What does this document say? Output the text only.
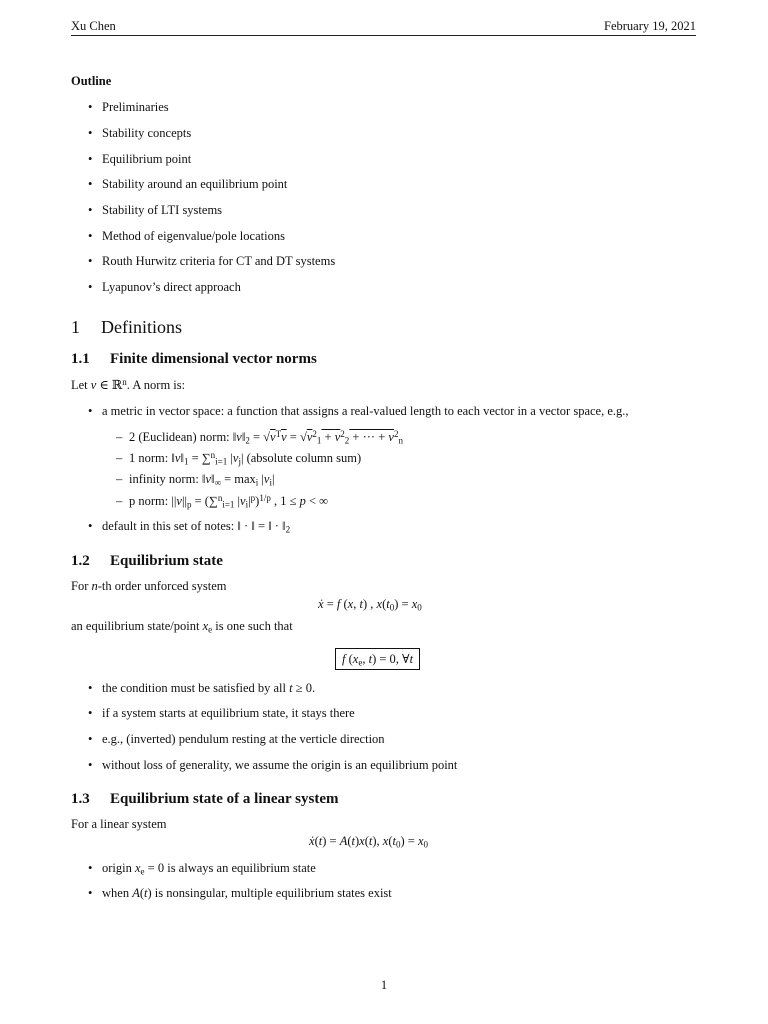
Xu Chen	February 19, 2021
Outline
• Preliminaries
• Stability concepts
• Equilibrium point
• Stability around an equilibrium point
• Stability of LTI systems
• Method of eigenvalue/pole locations
• Routh Hurwitz criteria for CT and DT systems
• Lyapunov’s direct approach
1 Definitions
1.1 Finite dimensional vector norms
Let v ∈ ℝ$^n$. A norm is:
• a metric in vector space: a function that assigns a real-valued length to each vector in a vector space, e.g.,
– 2 (Euclidean) norm: ‖v‖2 = $√v^T\overline{v} = √v^21 + \overline{v}^22$ + ··· + $\overline{v}^2n$
– 1 norm: ‖v‖1 = ∑$^n$i=1 |vj| (absolute column sum)
– infinity norm: ‖v‖∞ = maxi |vi|
– p norm: ||v||p = (∑$^n$i=1 $|vi|^p)^{1/p}$ , 1 ≤ p < ∞
• default in this set of notes: ‖ · ‖ = ‖ · ‖2
1.2 Equilibrium state
For n-th order unforced system
ẋ = f (x, t) , x(t0) = x0
an equilibrium state/point xe is one such that
f (xe, t) = 0, ∀t
• the condition must be satisfied by all t ≥ 0.
• if a system starts at equilibrium state, it stays there
• e.g., (inverted) pendulum resting at the verticle direction
• without loss of generality, we assume the origin is an equilibrium point
1.3 Equilibrium state of a linear system
For a linear system
ẋ(t) = A(t)x(t), x(t0) = x0
• origin xe = 0 is always an equilibrium state
• when A(t) is nonsingular, multiple equilibrium states exist
1
